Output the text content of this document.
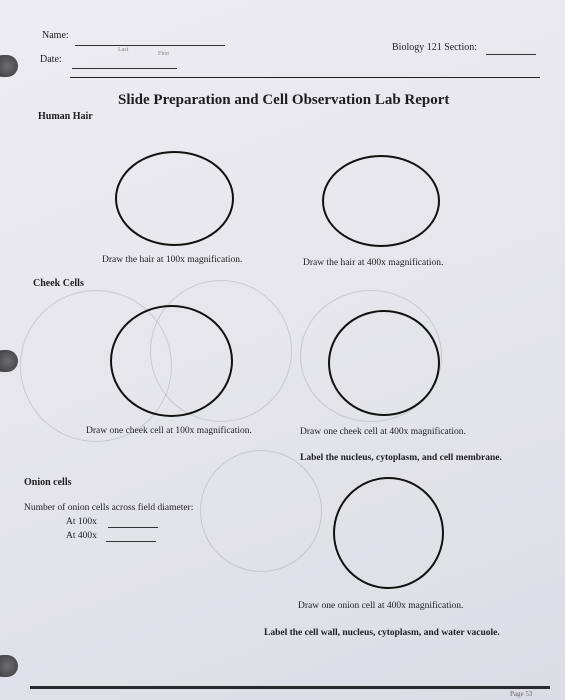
Name:
Last
First
Date:
Biology 121 Section:
Slide Preparation and Cell Observation Lab Report
Human Hair
Draw the hair at 100x magnification.	Draw the hair at 400x magnification.
Cheek Cells
Draw one cheek cell at 100x magnification.	Draw one cheek cell at 400x magnification.
Label the nucleus, cytoplasm, and cell membrane.
Onion cells
Number of onion cells across field diameter:
At 100x
At 400x
Draw one onion cell at 400x magnification.
Label the cell wall, nucleus, cytoplasm, and water vacuole.
Page 53
